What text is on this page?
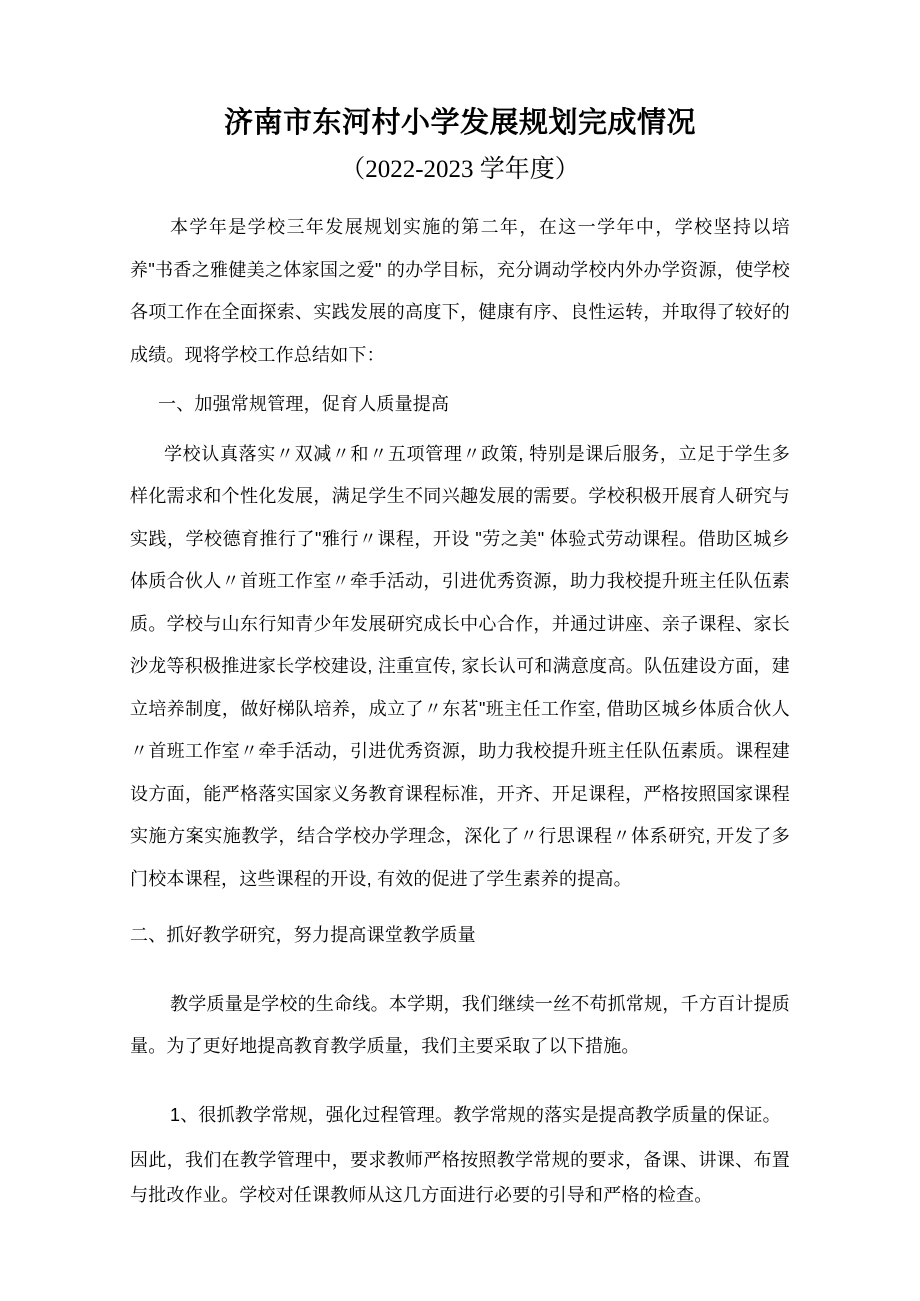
济南市东河村小学发展规划完成情况
（2022-2023 学年度）

本学年是学校三年发展规划实施的第二年，在这一学年中，学校坚持以培养"书香之雅健美之体家国之爱" 的办学目标，充分调动学校内外办学资源，使学校各项工作在全面探索、实践发展的高度下，健康有序、良性运转，并取得了较好的成绩。现将学校工作总结如下：

一、加强常规管理，促育人质量提高

学校认真落实〃双减〃和〃五项管理〃政策, 特别是课后服务，立足于学生多样化需求和个性化发展，满足学生不同兴趣发展的需要。学校积极开展育人研究与实践，学校德育推行了"雅行〃课程，开设 "劳之美" 体验式劳动课程。借助区城乡体质合伙人〃首班工作室〃牵手活动，引进优秀资源，助力我校提升班主任队伍素质。学校与山东行知青少年发展研究成长中心合作，并通过讲座、亲子课程、家长沙龙等积极推进家长学校建设, 注重宣传, 家长认可和满意度高。队伍建设方面，建立培养制度，做好梯队培养，成立了〃东茗"班主任工作室, 借助区城乡体质合伙人〃首班工作室〃牵手活动，引进优秀资源，助力我校提升班主任队伍素质。课程建设方面，能严格落实国家义务教育课程标准，开齐、开足课程，严格按照国家课程实施方案实施教学，结合学校办学理念，深化了〃行思课程〃体系研究, 开发了多门校本课程，这些课程的开设, 有效的促进了学生素养的提高。

二、抓好教学研究，努力提高课堂教学质量

教学质量是学校的生命线。本学期，我们继续一丝不苟抓常规，千方百计提质量。为了更好地提高教育教学质量，我们主要采取了以下措施。

1、很抓教学常规，强化过程管理。教学常规的落实是提高教学质量的保证。

因此，我们在教学管理中，要求教师严格按照教学常规的要求，备课、讲课、布置与批改作业。学校对任课教师从这几方面进行必要的引导和严格的检查。
